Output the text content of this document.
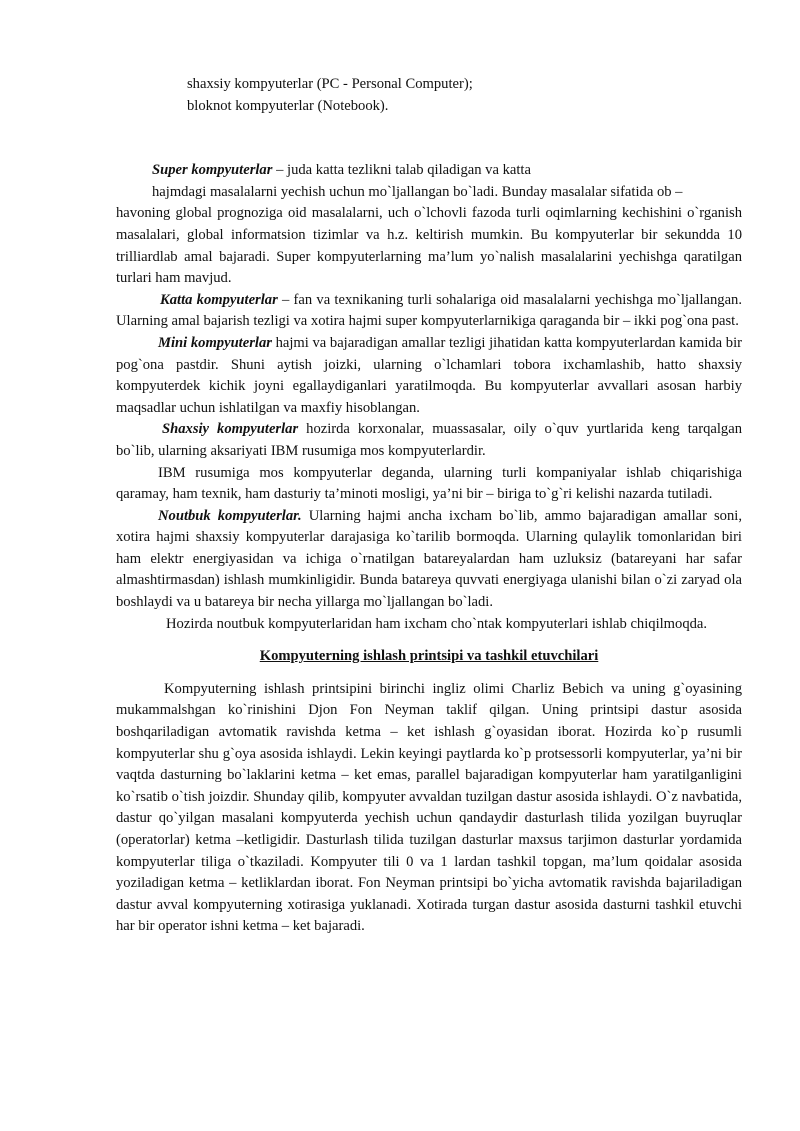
shaxsiy kompyuterlar (PC - Personal Computer);
bloknot kompyuterlar (Notebook).

Super kompyuterlar – juda katta tezlikni talab qiladigan va katta

hajmdagi masalalarni yechish uchun mo`ljallangan bo`ladi. Bunday masalalar sifatida ob –

havoning global prognoziga oid masalalarni, uch o`lchovli fazoda turli oqimlarning kechishini o`rganish masalalari, global informatsion tizimlar va h.z. keltirish mumkin. Bu kompyuterlar bir sekundda 10 trilliardlab amal bajaradi. Super kompyuterlarning ma’lum yo`nalish masalalarini yechishga qaratilgan turlari ham mavjud.

Katta kompyuterlar – fan va texnikaning turli sohalariga oid masalalarni yechishga mo`ljallangan. Ularning amal bajarish tezligi va xotira hajmi super kompyuterlarnikiga qaraganda bir – ikki pog`ona past.

Mini kompyuterlar hajmi va bajaradigan amallar tezligi jihatidan katta kompyuterlardan kamida bir pog`ona pastdir. Shuni aytish joizki, ularning o`lchamlari tobora ixchamlashib, hatto shaxsiy kompyuterdek kichik joyni egallaydiganlari yaratilmoqda. Bu kompyuterlar avvallari asosan harbiy maqsadlar uchun ishlatilgan va maxfiy hisoblangan.

Shaxsiy kompyuterlar hozirda korxonalar, muassasalar, oily o`quv yurtlarida keng tarqalgan bo`lib, ularning aksariyati IBM rusumiga mos kompyuterlardir.

IBM rusumiga mos kompyuterlar deganda, ularning turli kompaniyalar ishlab chiqarishiga qaramay, ham texnik, ham dasturiy ta’minoti mosligi, ya’ni bir – biriga to`g`ri kelishi nazarda tutiladi.

Noutbuk kompyuterlar. Ularning hajmi ancha ixcham bo`lib, ammo bajaradigan amallar soni, xotira hajmi shaxsiy kompyuterlar darajasiga ko`tarilib bormoqda. Ularning qulaylik tomonlaridan biri ham elektr energiyasidan va ichiga o`rnatilgan batareyalardan ham uzluksiz (batareyani har safar almashtirmasdan) ishlash mumkinligidir. Bunda batareya quvvati energiyaga ulanishi bilan o`zi zaryad ola boshlaydi va u batareya bir necha yillarga mo`ljallangan bo`ladi.

Hozirda noutbuk kompyuterlaridan ham ixcham cho`ntak kompyuterlari ishlab chiqilmoqda.

Kompyuterning ishlash printsipi va tashkil etuvchilari

Kompyuterning ishlash printsipini birinchi ingliz olimi Charliz Bebich va uning g`oyasining mukammalshgan ko`rinishini Djon Fon Neyman taklif qilgan. Uning printsipi dastur asosida boshqariladigan avtomatik ravishda ketma – ket ishlash g`oyasidan iborat. Hozirda ko`p rusumli kompyuterlar shu g`oya asosida ishlaydi. Lekin keyingi paytlarda ko`p protsessorli kompyuterlar, ya’ni bir vaqtda dasturning bo`laklarini ketma – ket emas, parallel bajaradigan kompyuterlar ham yaratilganligini ko`rsatib o`tish joizdir. Shunday qilib, kompyuter avvaldan tuzilgan dastur asosida ishlaydi. O`z navbatida, dastur qo`yilgan masalani kompyuterda yechish uchun qandaydir dasturlash tilida yozilgan buyruqlar (operatorlar) ketma –ketligidir. Dasturlash tilida tuzilgan dasturlar maxsus tarjimon dasturlar yordamida kompyuterlar tiliga o`tkaziladi. Kompyuter tili 0 va 1 lardan tashkil topgan, ma’lum qoidalar asosida yoziladigan ketma – ketliklardan iborat. Fon Neyman printsipi bo`yicha avtomatik ravishda bajariladigan dastur avval kompyuterning xotirasiga yuklanadi. Xotirada turgan dastur asosida dasturni tashkil etuvchi har bir operator ishni ketma – ket bajaradi.
